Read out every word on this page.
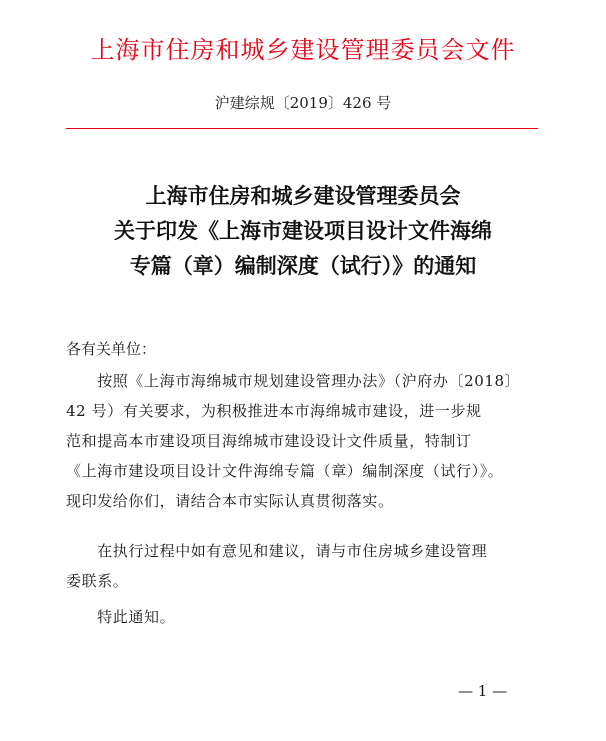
上海市住房和城乡建设管理委员会文件
沪建综规〔2019〕426 号
上海市住房和城乡建设管理委员会
关于印发《上海市建设项目设计文件海绵
专篇（章）编制深度（试行）》的通知
各有关单位：
　　按照《上海市海绵城市规划建设管理办法》（沪府办〔2018〕
42 号）有关要求，为积极推进本市海绵城市建设，进一步规
范和提高本市建设项目海绵城市建设设计文件质量，特制订
《上海市建设项目设计文件海绵专篇（章）编制深度（试行）》。
现印发给你们，请结合本市实际认真贯彻落实。
　　在执行过程中如有意见和建议，请与市住房城乡建设管理
委联系。
　　特此通知。
— 1 —
